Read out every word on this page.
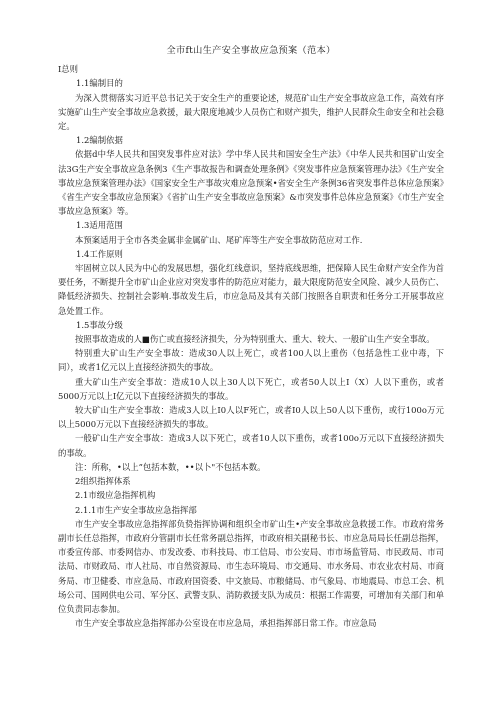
全市ft山生产安全事故应急预案（范本）
I总则
1.1编制目的
为深入贯彻落实习近平总书记关于安全生产的重要论述，规范矿山生产安全事故应急工作，高效有序实施矿山生产安全事故应急救援，最大限度地减少人员伤亡和财产损失，维护人民群众生命安全和社会稳定。
1.2编制依据
依据d中华人民共和国突发事件应对法》学中华人民共和国安全生产法》《中华人民共和国矿山安全法3G生产安全事故应急条例3《生产事故报告和调查处理条例》《突发事件应急预案管理办法》《生产安全事故应急预案管理办法》《国家安全生产事故灾难应急预案•省安全生产条例36省突发事件总体应急预案》《省生产安全事故应急预案》《省扩山生产安全事故应急预案》&市突发事件总体应急预案》《市生产安全事故应急预案》等。
1.3适用范围
本预案适用于全市各类金属非金属矿山、尾矿库等生产安全事故防范应对工作.
1.4工作原则
牢固树立以人民为中心的发展思想，强化红线意识，坚持底线思维，把保障人民生命财产安全作为首要任务，不断提升全市矿山企业应对突发事件的防范应对能力，最大限度防范安全风险、减少人员伤亡、降低经济损失、控制社会影响.事故发生后，市应急局及其有关部门按照各自职责和任务分工开展事故应急处置工作。
1.5事故分级
按照事故造成的人■伤亡或直接经济损失，分为特别重大、重大、较大、一般矿山生产安全事故。
特别重大矿山生产安全事故：造成30人以上死亡，或者100人以上重伤（包括急性工业中毒，下同），或者1亿元以上直接经济损失的事故。
重大矿山生产安全事故：造成10人以上30人以下死亡，或者50人以上I（X）人以下重伤，或者5000万元以上I亿元以下直接经济损失的事故。
较大矿山生产安全事故：造成3人以上I0人以F死亡，或者I0人以上50人以下重伤，或行100o万元以上5000万元以下直接经济损失的事故。
一般矿山生产安全事故：造成3人以下死亡，或者10人以下重伤，或者100o万元以下直接经济损失的事故。
注：所称，•以上”包括本数，••以卜"不包括本数。
2组织指挥体系
2.1市级应急指挥机构
2.1.1市生产安全事故应急指挥部
市生产安全事故应急指挥部负贽指挥协调和组织全市矿山生•产安全事故应急救援工作。市政府常务副市长任总指挥，市政府分管副市长任常务副总指挥，市政府相关副秘书长、市应急局局长任副总指挥，市委宣传部、市委网信办、市发改委、市科技局、市工信局、市公安局、市市场监管局、市民政局、市司法局、市财政局、市人社局、市自然资源局、市生态环境局、市交通局、市水务局、市农业农村局、市商务局、市卫健委、市应急局、市政府国资委、中文旅局、市粮储局、市气象局、市地震局、市总工会、机场公司、国网供电公司、军分区、武警支队、消防救援支队为成员：根据工作需要，可增加有关部门和单位负责同志参加。
市生产安全事故应急指挥部办公室设在市应急局，承担指挥部日常工作。市应急局
